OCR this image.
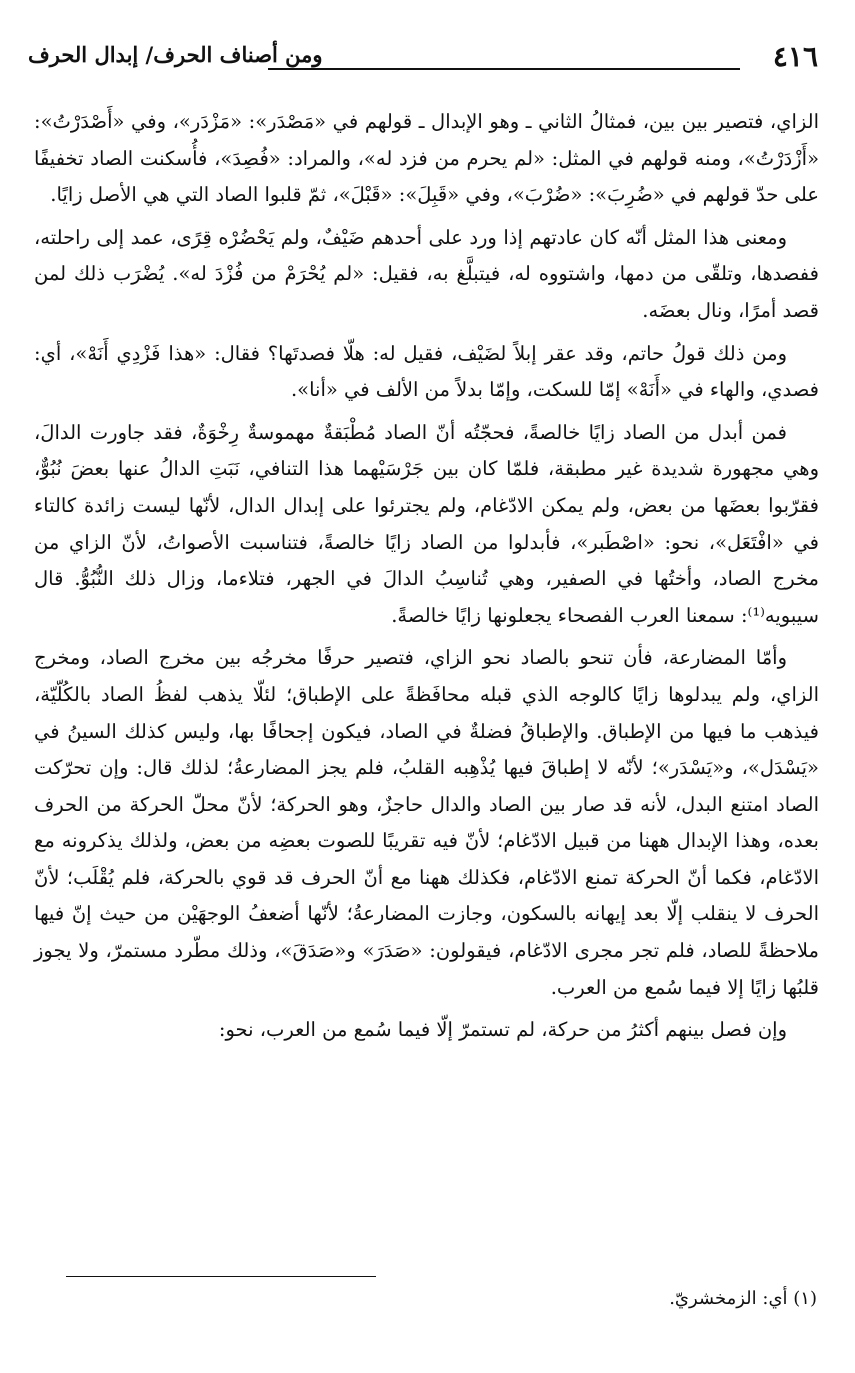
٤١٦
ومن أصناف الحرف/ إبدال الحرف

الزاي، فتصير بين بين، فمثالُ الثاني ـ وهو الإبدال ـ قولهم في «مَصْدَر»: «مَزْدَر»، وفي «أَصْدَرْتُ»: «أَزْدَرْتُ»، ومنه قولهم في المثل: «لم يحرم من فزد له»، والمراد: «فُصِدَ»، فأُسكنت الصاد تخفيفًا على حدّ قولهم في «ضُرِبَ»: «ضُرْبَ»، وفي «قَبِلَ»: «قَبْلَ»، ثمّ قلبوا الصاد التي هي الأصل زايًا.

ومعنى هذا المثل أنّه كان عادتهم إذا ورد على أحدهم ضَيْفٌ، ولم يَحْضُرْه قِرًى، عمد إلى راحلته، ففصدها، وتلقّى من دمها، واشتووه له، فيتبلَّغ به، فقيل: «لم يُحْرَمْ من فُزْدَ له». يُضْرَب ذلك لمن قصد أمرًا، ونال بعضَه.

ومن ذلك قولُ حاتم، وقد عقر إبلاً لضَيْف، فقيل له: هلّا فصدتَها؟ فقال: «هذا فَزْدِي أَنَهْ»، أي: فصدي، والهاء في «أَنَهْ» إمّا للسكت، وإمّا بدلاً من الألف في «أنا».

فمن أبدل من الصاد زايًا خالصةً، فحجّتُه أنّ الصاد مُطْبَقةٌ مهموسةٌ رِخْوَةٌ، فقد جاورت الدالَ، وهي مجهورة شديدة غير مطبقة، فلمّا كان بين جَرْسَيْهما هذا التنافي، نَبَتِ الدالُ عنها بعضَ نُبُوٌّ، فقرّبوا بعضَها من بعض، ولم يمكن الادّغام، ولم يجترئوا على إبدال الدال، لأنّها ليست زائدة كالتاء في «افْتَعَل»، نحو: «اصْطَبر»، فأبدلوا من الصاد زايًا خالصةً، فتناسبت الأصواتُ، لأنّ الزاي من مخرج الصاد، وأختُها في الصفير، وهي تُناسِبُ الدالَ في الجهر، فتلاءما، وزال ذلك النُّبُوُّ. قال سيبويه⁽¹⁾: سمعنا العرب الفصحاء يجعلونها زايًا خالصةً.

وأمّا المضارعة، فأن تنحو بالصاد نحو الزاي، فتصير حرفًا مخرجُه بين مخرج الصاد، ومخرج الزاي، ولم يبدلوها زايًا كالوجه الذي قبله محافَظةً على الإطباق؛ لئلّا يذهب لفظُ الصاد بالكُلّيّة، فيذهب ما فيها من الإطباق. والإطباقُ فضلةٌ في الصاد، فيكون إجحافًا بها، وليس كذلك السينُ في «يَسْدَل»، و«يَسْدَر»؛ لأنّه لا إطباقَ فيها يُذْهِبه القلبُ، فلم يجز المضارعةُ؛ لذلك قال: وإن تحرّكت الصاد امتنع البدل، لأنه قد صار بين الصاد والدال حاجزٌ، وهو الحركة؛ لأنّ محلّ الحركة من الحرف بعده، وهذا الإبدال ههنا من قبيل الادّغام؛ لأنّ فيه تقريبًا للصوت بعضِه من بعض، ولذلك يذكرونه مع الادّغام، فكما أنّ الحركة تمنع الادّغام، فكذلك ههنا مع أنّ الحرف قد قوي بالحركة، فلم يُقْلَب؛ لأنّ الحرف لا ينقلب إلّا بعد إيهانه بالسكون، وجازت المضارعةُ؛ لأنّها أضعفُ الوجهَيْن من حيث إنّ فيها ملاحظةً للصاد، فلم تجر مجرى الادّغام، فيقولون: «صَدَرَ» و«صَدَقَ»، وذلك مطّرد مستمرّ، ولا يجوز قلبُها زايًا إلا فيما سُمع من العرب.

وإن فصل بينهم أكثرُ من حركة، لم تستمرّ إلّا فيما سُمع من العرب، نحو:

(١) أي: الزمخشريّ.
